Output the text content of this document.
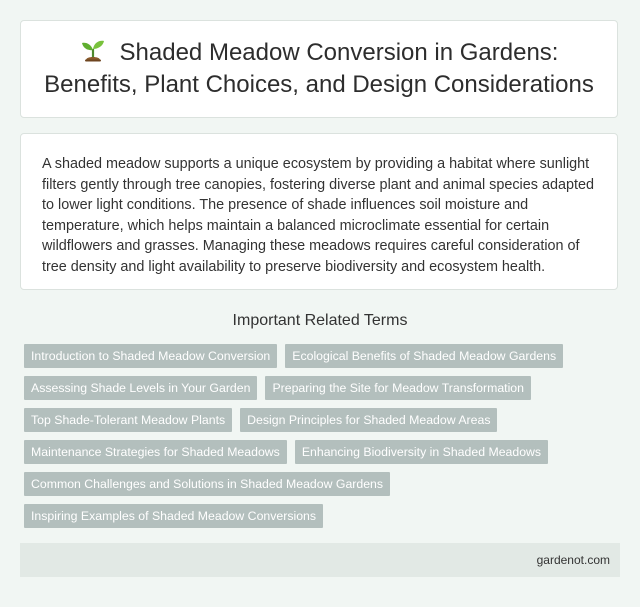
Shaded Meadow Conversion in Gardens:
Benefits, Plant Choices, and Design Considerations

A shaded meadow supports a unique ecosystem by providing a habitat where sunlight filters gently through tree canopies, fostering diverse plant and animal species adapted to lower light conditions. The presence of shade influences soil moisture and temperature, which helps maintain a balanced microclimate essential for certain wildflowers and grasses. Managing these meadows requires careful consideration of tree density and light availability to preserve biodiversity and ecosystem health.

Important Related Terms
Introduction to Shaded Meadow Conversion	Ecological Benefits of Shaded Meadow Gardens
Assessing Shade Levels in Your Garden	Preparing the Site for Meadow Transformation
Top Shade-Tolerant Meadow Plants	Design Principles for Shaded Meadow Areas
Maintenance Strategies for Shaded Meadows	Enhancing Biodiversity in Shaded Meadows
Common Challenges and Solutions in Shaded Meadow Gardens
Inspiring Examples of Shaded Meadow Conversions
gardenot.com
